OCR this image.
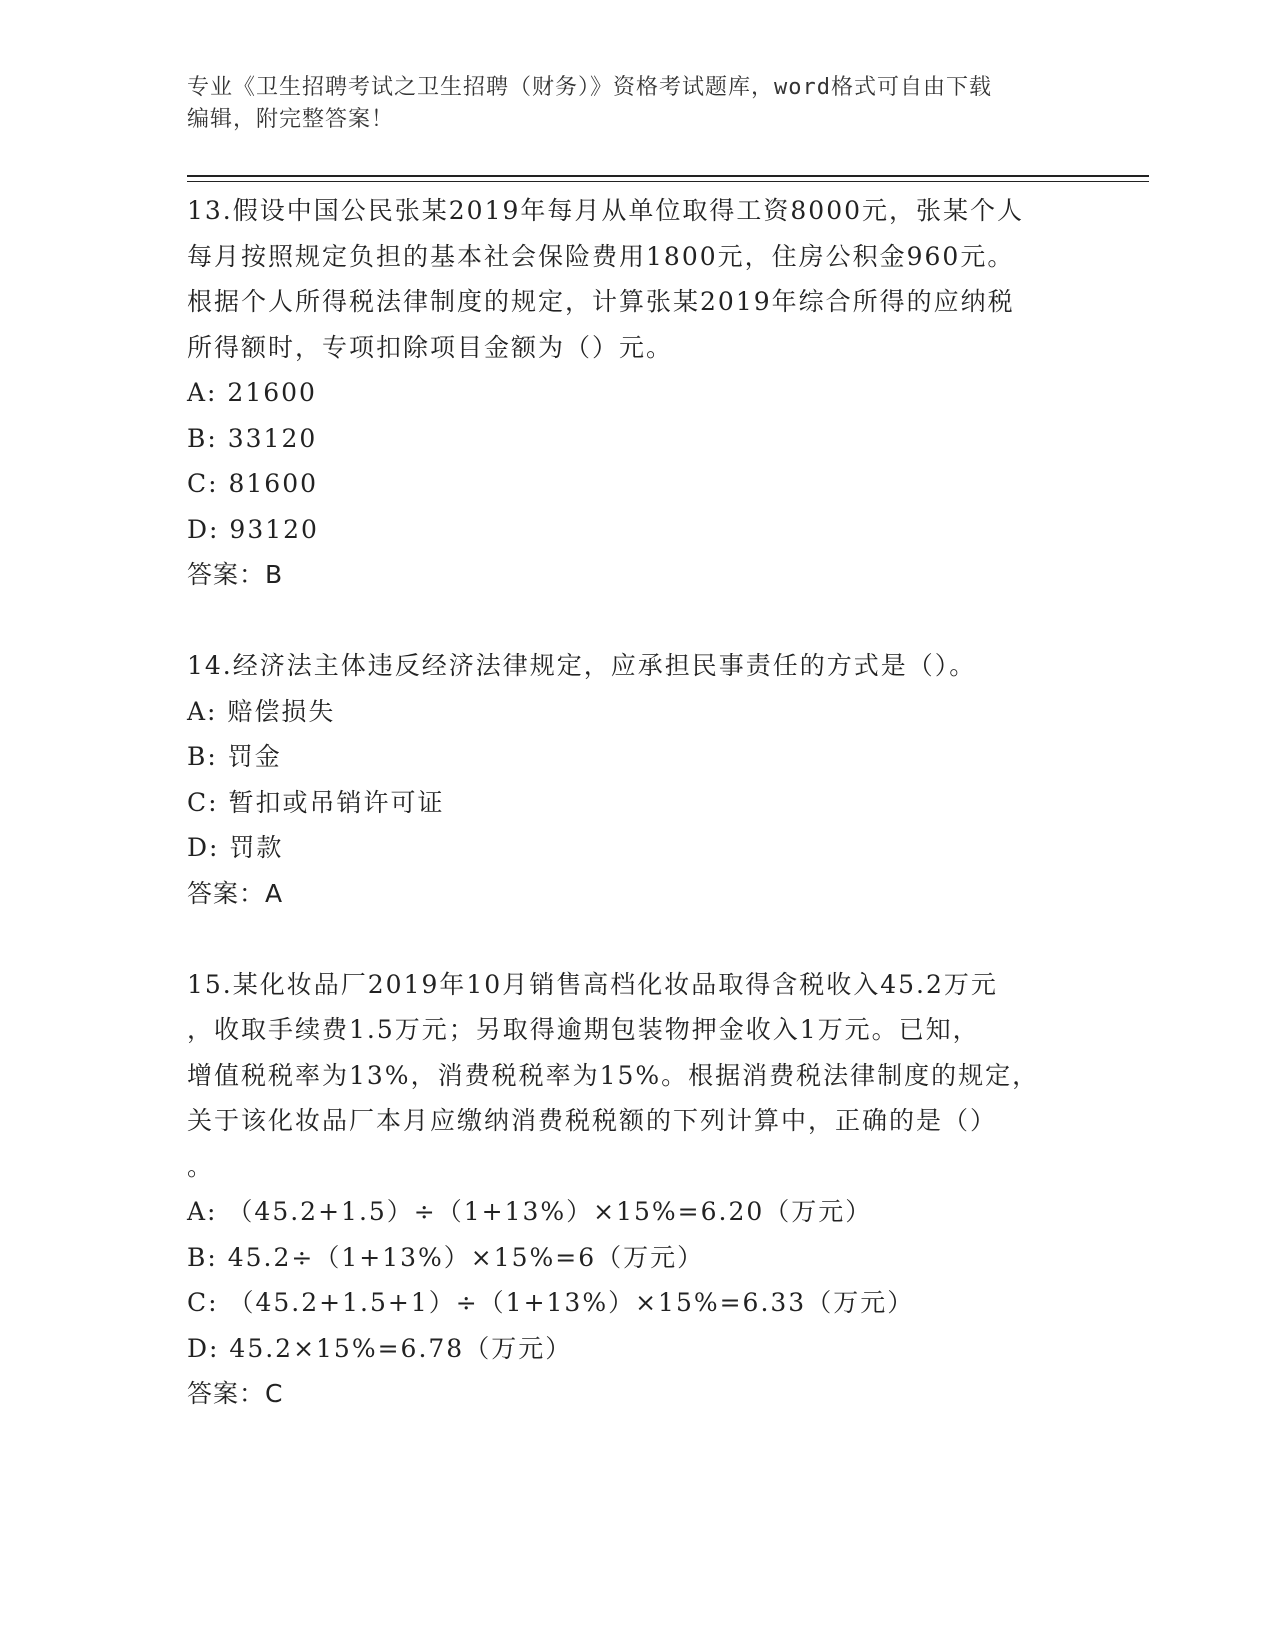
专业《卫生招聘考试之卫生招聘（财务）》资格考试题库，word格式可自由下载
编辑，附完整答案！
13.假设中国公民张某2019年每月从单位取得工资8000元，张某个人
每月按照规定负担的基本社会保险费用1800元，住房公积金960元。
根据个人所得税法律制度的规定，计算张某2019年综合所得的应纳税
所得额时，专项扣除项目金额为（）元。
A: 21600
B: 33120
C: 81600
D: 93120
答案：B
14.经济法主体违反经济法律规定，应承担民事责任的方式是（）。
A: 赔偿损失
B: 罚金
C: 暂扣或吊销许可证
D: 罚款
答案：A
15.某化妆品厂2019年10月销售高档化妆品取得含税收入45.2万元
，收取手续费1.5万元；另取得逾期包装物押金收入1万元。已知，
增值税税率为13%，消费税税率为15%。根据消费税法律制度的规定，
关于该化妆品厂本月应缴纳消费税税额的下列计算中，正确的是（）
。
A: （45.2+1.5）÷（1+13%）×15%=6.20（万元）
B: 45.2÷（1+13%）×15%=6（万元）
C: （45.2+1.5+1）÷（1+13%）×15%=6.33（万元）
D: 45.2×15%=6.78（万元）
答案：C
